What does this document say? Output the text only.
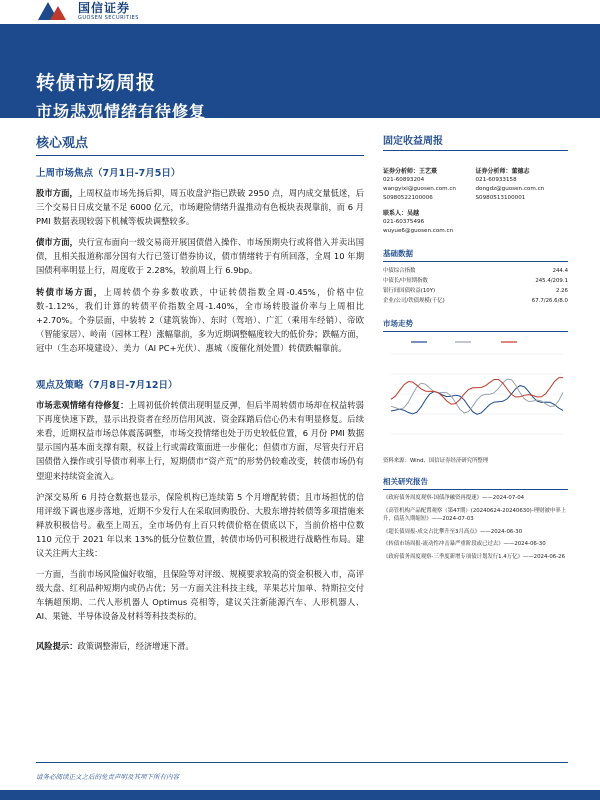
国信证券
GUOSEN SECURITIES
转债市场周报
市场悲观情绪有待修复
核心观点
上周市场焦点（7月1日-7月5日）
股市方面，上周权益市场先扬后抑，周五收盘沪指已跌破 2950 点，周内成交量低迷，后三个交易日日成交量不足 6000 亿元，市场避险情绪升温推动有色板块表现靠前，而 6 月 PMI 数据表现较弱下机械等板块调整较多。
债市方面，央行宣布面向一级交易商开展国债借入操作、市场预期央行或将借入并卖出国债，且相关报道称部分国有大行已签订借券协议，债市情绪转于有所回落，全周 10 年期国债利率明显上行，周度收于 2.28%，较前周上行 6.9bp。
转债市场方面，上周转债个券多数收跌，中证转债指数全周-0.45%，价格中位数-1.12%，我们计算的转债平价指数全周-1.40%，全市场转股溢价率与上周相比+2.70%。个券层面，中装转 2（建筑装饰）、东时（驾培）、广汇（乘用车经销）、帝欧（智能家居）、岭南（园林工程）涨幅靠前，多为近期调整幅度较大的低价券；跌幅方面，冠中（生态环境建设）、美力（AI PC+光伏）、惠城（废催化剂处置）转债跌幅靠前。
观点及策略（7月8日-7月12日）
市场悲观情绪有待修复：上周初低价转债出现明显反弹，但后半周转债市场却在权益转弱下再度快速下跌，显示出投资者在经历信用风波、资金踩踏后信心仍未有明显修复。后续来看，近期权益市场总体震荡调整，市场交投情绪也处于历史较低位置，6 月份 PMI 数据显示国内基本面支撑有限，权益上行或需政策面进一步催化；但债市方面，尽管央行开启国债借入操作或引导债市利率上行，短期债市“资产荒”的形势仍较难改变，转债市场仍有望迎来持续资金流入。
沪深交易所 6 月持仓数据也显示，保险机构已连续第 5 个月增配转债；且市场担忧的信用评级下调也逐步落地，近期不少发行人在采取回购股份、大股东增持转债等多项措施来释放积极信号。截至上周五，全市场仍有上百只转债价格在债底以下，当前价格中位数 110 元位于 2021 年以来 13%的低分位数位置，转债市场仍可积极进行战略性布局。建议关注两大主线：
一方面，当前市场风险偏好收缩，且保险等对评级、规模要求较高的资金积极入市，高评级大盘、红利品种短期内或仍占优；另一方面关注科技主线，苹果芯片加单、特斯拉交付车辆超预期、二代人形机器人 Optimus 亮相等，建议关注新能源汽车、人形机器人、AI、果链、半导体设备及材料等科技类标的。
风险提示：政策调整滞后，经济增速下滑。
固定收益周报
证券分析师：王艺熹
021-60893204
wangyixi@guosen.com.cn
S0980522100006
证券分析师：董德志
021-60933158
dongdz@guosen.com.cn
S0980513100001
联系人：吴越
021-60375496
wuyue6@guosen.com.cn
基础数据
中债综合指数	244.4
中债长/中短期指数	245.4/209.1
银行间国债收益(10Y)	2.26
企业/公司/铁债规模(千亿)	67.7/26.6/8.0
市场走势
资料来源：Wind、国信证券经济研究所整理
相关研究报告
《政府债务周度观察-国债净融资再提速》——2024-07-04
《高管机构产品配置观察（第47期）(20240624-20240630)-理财被申率上升，债基久期缩短》——2024-07-03
《超长债周报-成交占比攀升至3月高点》——2024-06-30
《转债市场周报-流动性冲击暴严重阶段或已过去》——2024-06-30
《政府债务周度观察-三季度新增专项债计划发行1.4万亿》——2024-06-26
请务必阅读正文之后的免责声明及其项下所有内容
